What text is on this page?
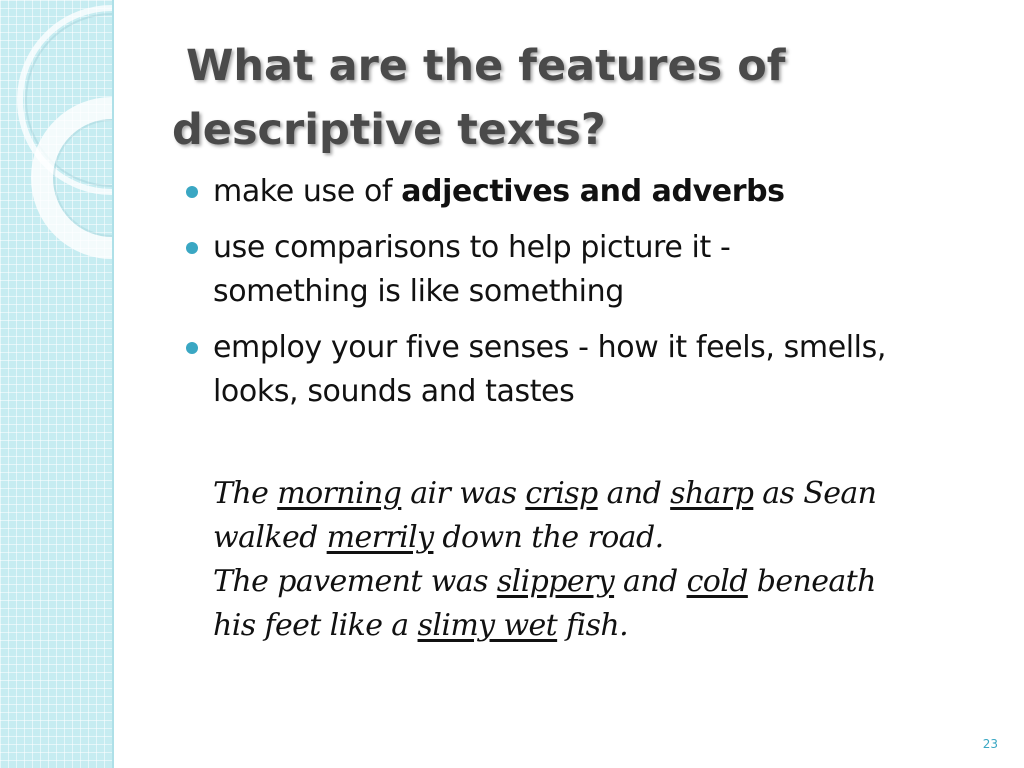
What are the features of
descriptive texts?
make use of adjectives and adverbs
use comparisons to help picture it -
something is like something
employ your five senses - how it feels, smells,
looks, sounds and tastes

The morning air was crisp and sharp as Sean
walked merrily down the road.
The pavement was slippery and cold beneath
his feet like a slimy wet fish.

23
